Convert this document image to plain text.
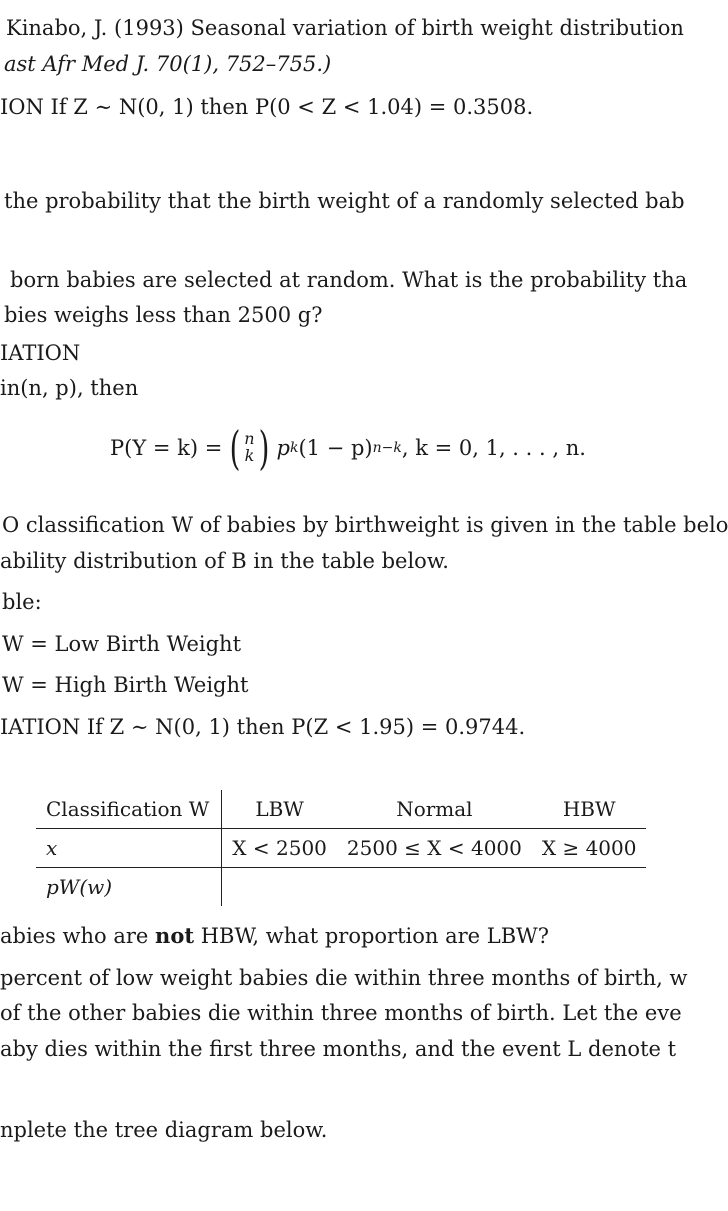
Kinabo, J. (1993) Seasonal variation of birth weight distribution
ast Afr Med J. 70(1), 752–755.)
ION If Z ∼ N(0, 1) then P(0 < Z < 1.04) = 0.3508.
the probability that the birth weight of a randomly selected bab
born babies are selected at random. What is the probability tha
bies weighs less than 2500 g?
IATION
in(n, p), then
P(Y = k) = ( n
k ) p k (1 − p) n−k , k = 0, 1, . . . , n.
O classification W of babies by birthweight is given in the table belo
ability distribution of B in the table below.
ble:
W = Low Birth Weight
W = High Birth Weight
IATION If Z ∼ N(0, 1) then P(Z < 1.95) = 0.9744.
Classification W	LBW	Normal	HBW
x	X < 2500	2500 ≤ X < 4000	X ≥ 4000
pW(w)			
abies who are not HBW, what proportion are LBW?
percent of low weight babies die within three months of birth, w
of the other babies die within three months of birth. Let the eve
aby dies within the first three months, and the event L denote t
nplete the tree diagram below.
